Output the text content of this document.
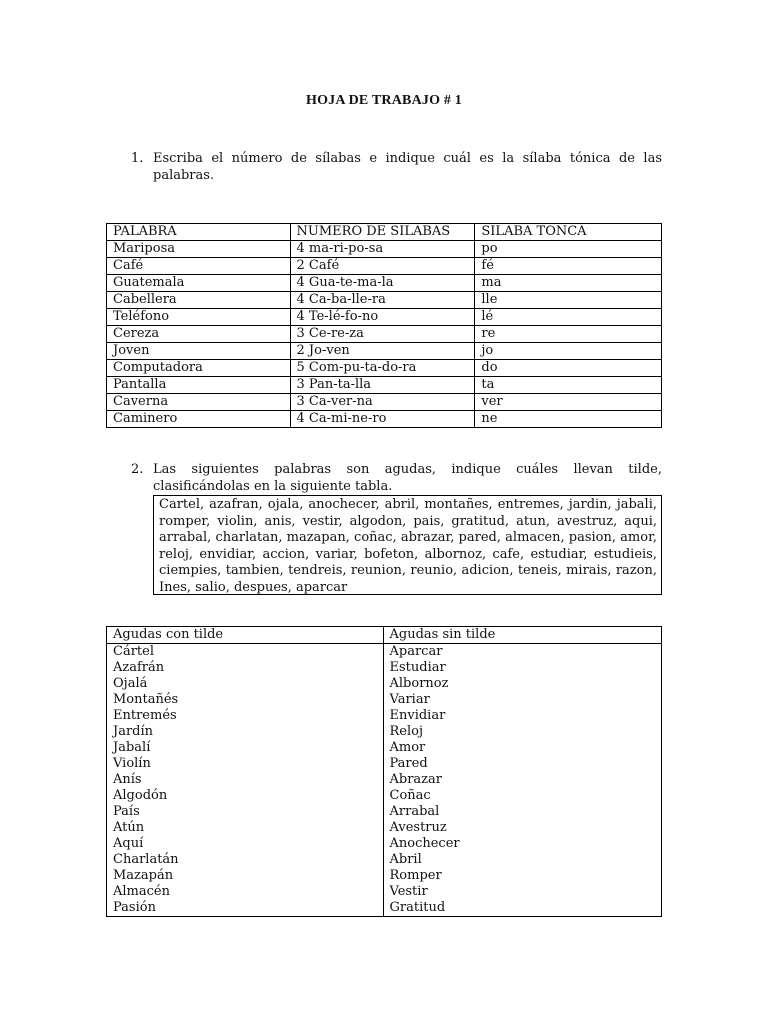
HOJA DE TRABAJO # 1
1. Escriba el número de sílabas e indique cuál es la sílaba tónica de las palabras.
PALABRA	NUMERO DE SILABAS	SILABA TONCA
Mariposa	4 ma-ri-po-sa	po
Café	2 Café	fé
Guatemala	4 Gua-te-ma-la	ma
Cabellera	4 Ca-ba-lle-ra	lle
Teléfono	4 Te-lé-fo-no	lé
Cereza	3 Ce-re-za	re
Joven	2 Jo-ven	jo
Computadora	5 Com-pu-ta-do-ra	do
Pantalla	3 Pan-ta-lla	ta
Caverna	3 Ca-ver-na	ver
Caminero	4 Ca-mi-ne-ro	ne
2. Las siguientes palabras son agudas, indique cuáles llevan tilde, clasificándolas en la siguiente tabla.
Cartel, azafran, ojala, anochecer, abril, montañes, entremes, jardin, jabali, romper, violin, anis, vestir, algodon, pais, gratitud, atun, avestruz, aqui, arrabal, charlatan, mazapan, coñac, abrazar, pared, almacen, pasion, amor, reloj, envidiar, accion, variar, bofeton, albornoz, cafe, estudiar, estudieis, ciempies, tambien, tendreis, reunion, reunio, adicion, teneis, mirais, razon, Ines, salio, despues, aparcar
Agudas con tilde	Agudas sin tilde
Cártel	Aparcar
Azafrán	Estudiar
Ojalá	Albornoz
Montañés	Variar
Entremés	Envidiar
Jardín	Reloj
Jabalí	Amor
Violín	Pared
Anís	Abrazar
Algodón	Coñac
País	Arrabal
Atún	Avestruz
Aquí	Anochecer
Charlatán	Abril
Mazapán	Romper
Almacén	Vestir
Pasión	Gratitud
